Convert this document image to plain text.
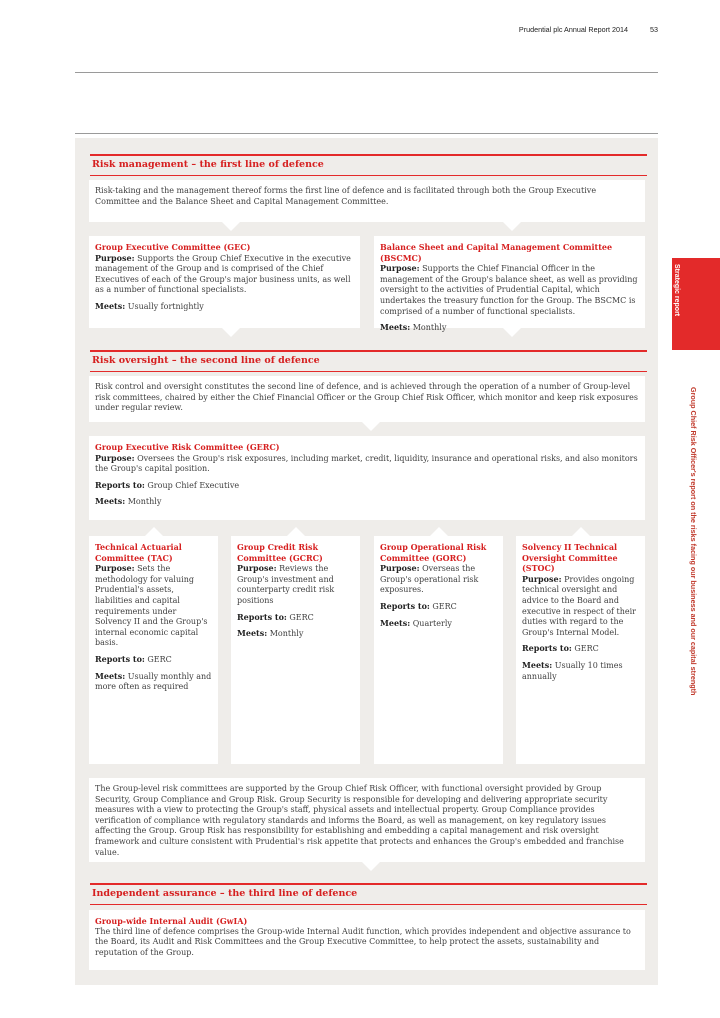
Prudential plc Annual Report 2014	53
Strategic report
Group Chief Risk Officer's report on the risks facing our business and our capital strength
Risk management – the first line of defence

Risk-taking and the management thereof forms the first line of defence and is facilitated through both the Group Executive Committee and the Balance Sheet and Capital Management Committee.

Group Executive Committee (GEC)

Purpose: Supports the Group Chief Executive in the executive management of the Group and is comprised of the Chief Executives of each of the Group's major business units, as well as a number of functional specialists.

Meets: Usually fortnightly

Balance Sheet and Capital Management Committee (BSCMC)

Purpose: Supports the Chief Financial Officer in the management of the Group's balance sheet, as well as providing oversight to the activities of Prudential Capital, which undertakes the treasury function for the Group. The BSCMC is comprised of a number of functional specialists.

Meets: Monthly

Risk oversight – the second line of defence

Risk control and oversight constitutes the second line of defence, and is achieved through the operation of a number of Group-level risk committees, chaired by either the Chief Financial Officer or the Group Chief Risk Officer, which monitor and keep risk exposures under regular review.

Group Executive Risk Committee (GERC)

Purpose: Oversees the Group's risk exposures, including market, credit, liquidity, insurance and operational risks, and also monitors the Group's capital position.

Reports to: Group Chief Executive

Meets: Monthly

Technical Actuarial Committee (TAC)

Purpose: Sets the methodology for valuing Prudential's assets, liabilities and capital requirements under Solvency II and the Group's internal economic capital basis.

Reports to: GERC

Meets: Usually monthly and more often as required

Group Credit Risk Committee (GCRC)

Purpose: Reviews the Group's investment and counterparty credit risk positions

Reports to: GERC

Meets: Monthly

Group Operational Risk Committee (GORC)

Purpose: Overseas the Group's operational risk exposures.

Reports to: GERC

Meets: Quarterly

Solvency II Technical Oversight Committee (STOC)

Purpose: Provides ongoing technical oversight and advice to the Board and executive in respect of their duties with regard to the Group's Internal Model.

Reports to: GERC

Meets: Usually 10 times annually

The Group-level risk committees are supported by the Group Chief Risk Officer, with functional oversight provided by Group Security, Group Compliance and Group Risk. Group Security is responsible for developing and delivering appropriate security measures with a view to protecting the Group's staff, physical assets and intellectual property. Group Compliance provides verification of compliance with regulatory standards and informs the Board, as well as management, on key regulatory issues affecting the Group. Group Risk has responsibility for establishing and embedding a capital management and risk oversight framework and culture consistent with Prudential's risk appetite that protects and enhances the Group's embedded and franchise value.

Independent assurance – the third line of defence
Group-wide Internal Audit (GwIA)

The third line of defence comprises the Group-wide Internal Audit function, which provides independent and objective assurance to the Board, its Audit and Risk Committees and the Group Executive Committee, to help protect the assets, sustainability and reputation of the Group.
